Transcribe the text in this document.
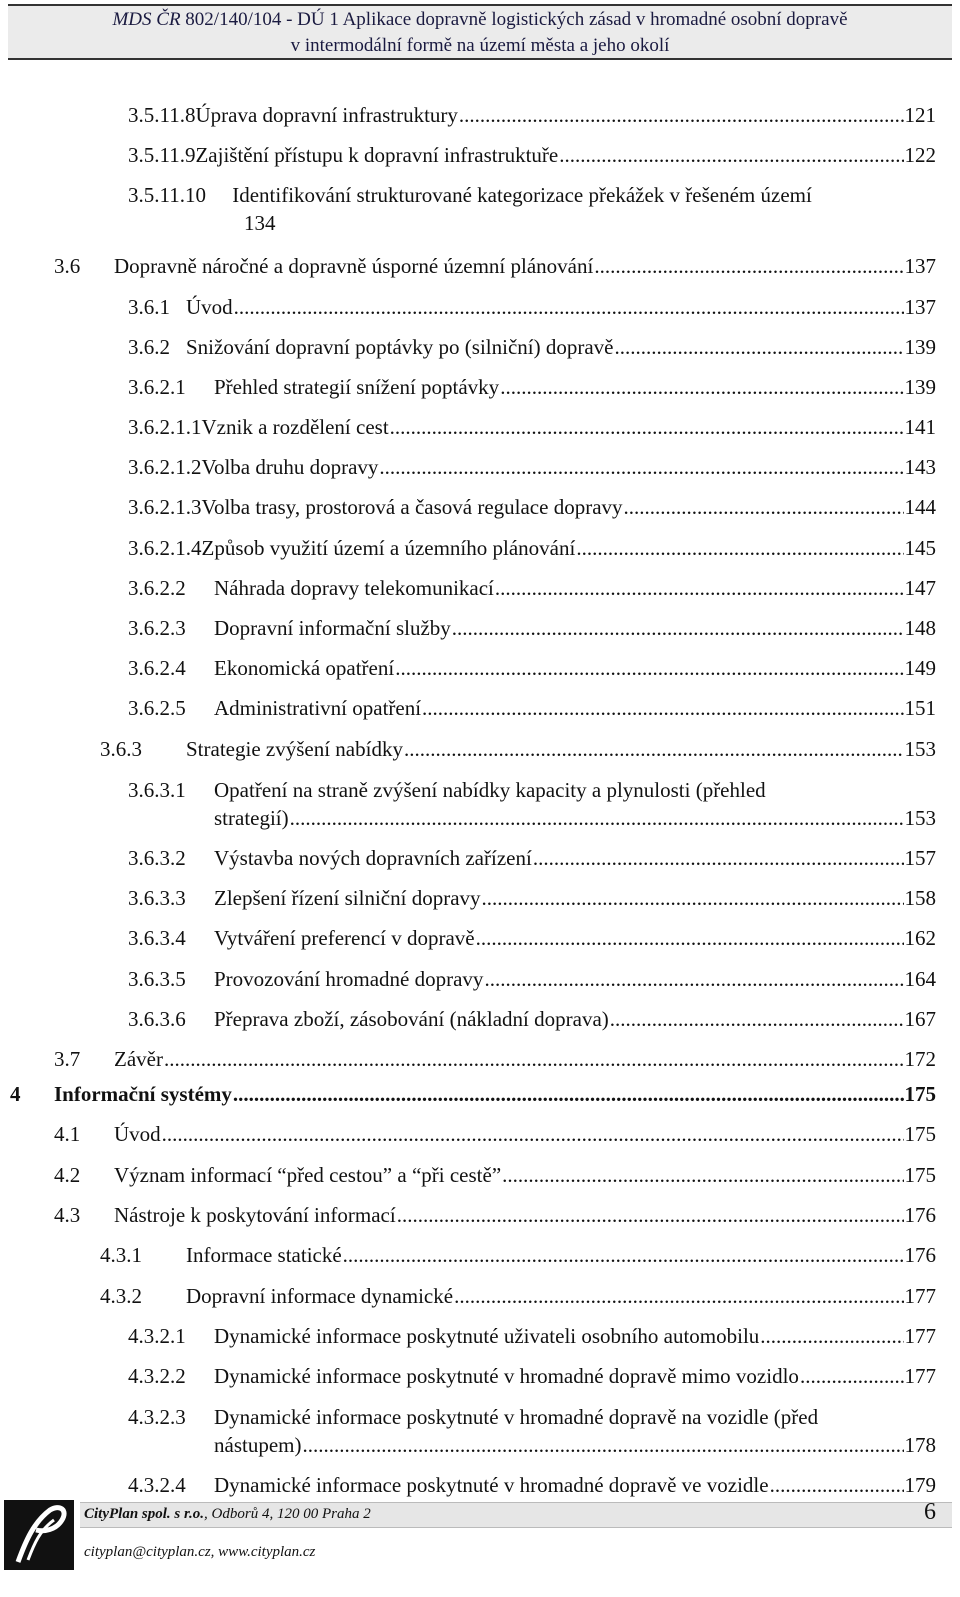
MDS ČR 802/140/104 - DÚ 1 Aplikace dopravně logistických zásad v hromadné osobní dopravě
v intermodální formě na území města a jeho okolí
3.5.11.8 Úprava dopravní infrastruktury .....	121
3.5.11.9 Zajištění přístupu k dopravní infrastruktuře .....	122
3.5.11.10 Identifikování strukturované kategorizace překážek v řešeném území
134
3.6 Dopravně náročné a dopravně úsporné územní plánování .....	137
3.6.1 Úvod .....	137
3.6.2 Snižování dopravní poptávky po (silniční) dopravě .....	139
3.6.2.1 Přehled strategií snížení poptávky .....	139
3.6.2.1.1 Vznik a rozdělení cest .....	141
3.6.2.1.2 Volba druhu dopravy .....	143
3.6.2.1.3 Volba trasy, prostorová a časová regulace dopravy .....	144
3.6.2.1.4 Způsob využití území a územního plánování .....	145
3.6.2.2 Náhrada dopravy telekomunikací .....	147
3.6.2.3 Dopravní informační služby .....	148
3.6.2.4 Ekonomická opatření .....	149
3.6.2.5 Administrativní opatření .....	151
3.6.3 Strategie zvýšení nabídky .....	153
3.6.3.1 Opatření na straně zvýšení nabídky kapacity a plynulosti (přehled
strategií) .....	153
3.6.3.2 Výstavba nových dopravních zařízení .....	157
3.6.3.3 Zlepšení řízení silniční dopravy .....	158
3.6.3.4 Vytváření preferencí v dopravě .....	162
3.6.3.5 Provozování hromadné dopravy .....	164
3.6.3.6 Přeprava zboží, zásobování (nákladní doprava) .....	167
3.7 Závěr .....	172
4 Informační systémy .....	175
4.1 Úvod .....	175
4.2 Význam informací “před cestou” a “při cestě” .....	175
4.3 Nástroje k poskytování informací .....	176
4.3.1 Informace statické .....	176
4.3.2 Dopravní informace dynamické .....	177
4.3.2.1 Dynamické informace poskytnuté uživateli osobního automobilu .....	177
4.3.2.2 Dynamické informace poskytnuté v hromadné dopravě mimo vozidlo .....	177
4.3.2.3 Dynamické informace poskytnuté v hromadné dopravě na vozidle (před
nástupem) .....	178
4.3.2.4 Dynamické informace poskytnuté v hromadné dopravě ve vozidle .....	179
CityPlan spol. s r.o., Odborů 4, 120 00 Praha 2	6
cityplan@cityplan.cz, www.cityplan.cz
